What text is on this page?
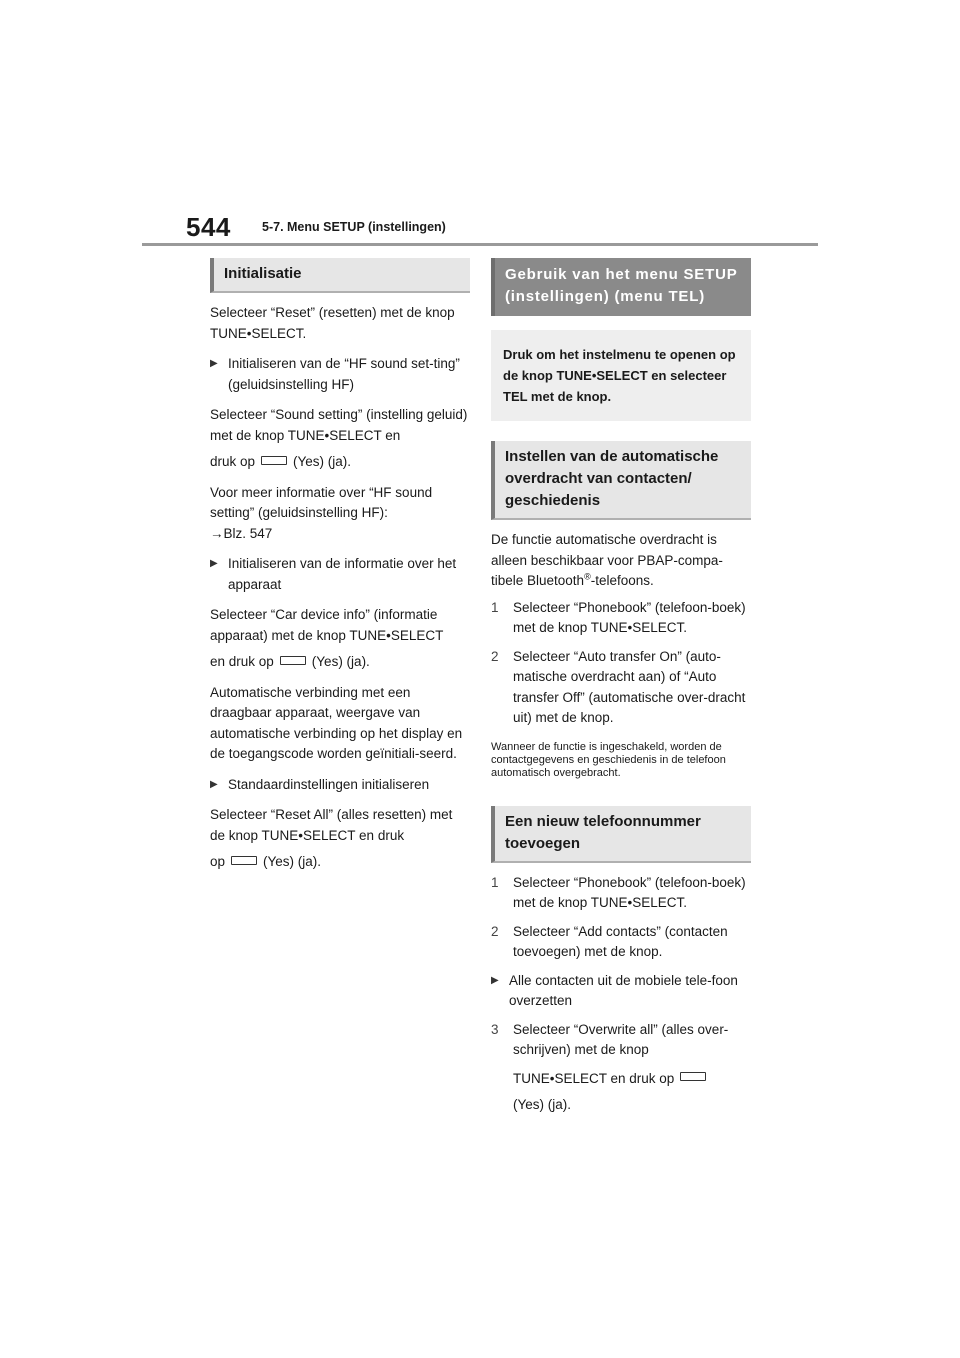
544 5-7. Menu SETUP (instellingen)
Initialisatie

Selecteer “Reset” (resetten) met de knop TUNE•SELECT.

▶ Initialiseren van de “HF sound set-ting” (geluidsinstelling HF)

Selecteer “Sound setting” (instelling geluid) met de knop TUNE•SELECT en

druk op	(Yes) (ja).

Voor meer informatie over “HF sound setting” (geluidsinstelling HF):

→Blz. 547

▶ Initialiseren van de informatie over het apparaat

Selecteer “Car device info” (informatie apparaat) met de knop TUNE•SELECT

en druk op	(Yes) (ja).

Automatische verbinding met een draagbaar apparaat, weergave van automatische verbinding op het display en de toegangscode worden geïnitiali-seerd.

▶ Standaardinstellingen initialiseren

Selecteer “Reset All” (alles resetten) met de knop TUNE•SELECT en druk

op	(Yes) (ja).

Gebruik van het menu SETUP (instellingen) (menu TEL)
Druk om het instelmenu te openen op de knop TUNE•SELECT en selecteer TEL met de knop.
Instellen van de automatische overdracht van contacten/ geschiedenis

De functie automatische overdracht is alleen beschikbaar voor PBAP-compa-tibele Bluetooth®-telefoons.

1	Selecteer “Phonebook” (telefoon-boek) met de knop TUNE•SELECT.

2	Selecteer “Auto transfer On” (auto-matische overdracht aan) of “Auto transfer Off” (automatische over-dracht uit) met de knop.

Wanneer de functie is ingeschakeld, worden de contactgegevens en geschiedenis in de telefoon automatisch overgebracht.

Een nieuw telefoonnummer toevoegen
1	Selecteer “Phonebook” (telefoon-boek) met de knop TUNE•SELECT.

2	Selecteer “Add contacts” (contacten toevoegen) met de knop.

▶ Alle contacten uit de mobiele tele-foon overzetten

3	Selecteer “Overwrite all” (alles over-schrijven) met de knop

TUNE•SELECT en druk op

(Yes) (ja).
